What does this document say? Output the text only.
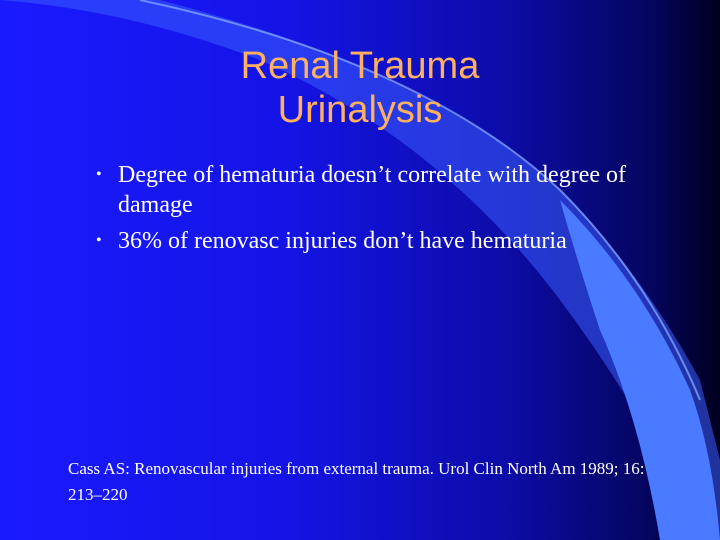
Renal Trauma
Urinalysis
• Degree of hematuria doesn’t correlate with degree of damage
• 36% of renovasc injuries don’t have hematuria
Cass AS: Renovascular injuries from external trauma. Urol Clin North Am 1989; 16: 213–220
